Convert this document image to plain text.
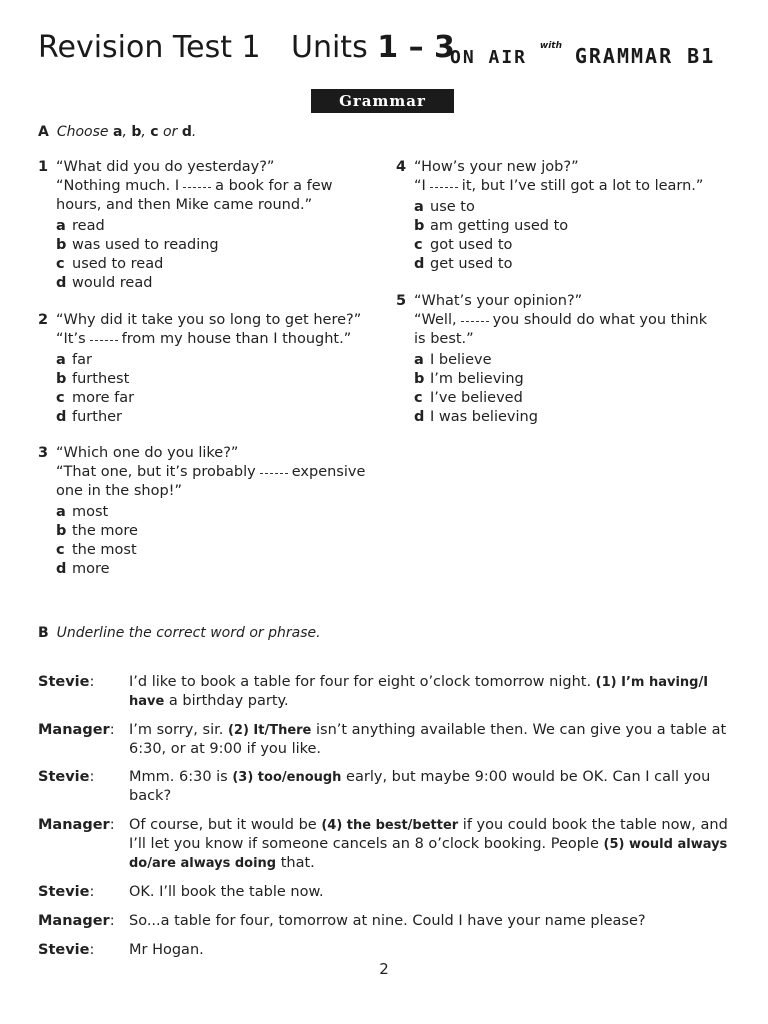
Revision Test 1 Units 1 – 3
ON AIR $^{with}$ GRAMMAR B1
Grammar
A Choose a, b, c or d.
1 “What did you do yesterday?”
“Nothing much. I a book for a few
hours, and then Mike came round.”
a read
b was used to reading
c used to read
d would read
2 “Why did it take you so long to get here?”
“It’s from my house than I thought.”
a far
b furthest
c more far
d further
3 “Which one do you like?”
“That one, but it’s probably expensive
one in the shop!”
a most
b the more
c the most
d more
4 “How’s your new job?”
“I it, but I’ve still got a lot to learn.”
a use to
b am getting used to
c got used to
d get used to
5 “What’s your opinion?”
“Well, you should do what you think
is best.”
a I believe
b I’m believing
c I’ve believed
d I was believing
B Underline the correct word or phrase.
Stevie: I’d like to book a table for four for eight o’clock tomorrow night. (1) I’m having/I have a birthday party.
Manager: I’m sorry, sir. (2) It/There isn’t anything available then. We can give you a table at 6:30, or at 9:00 if you like.
Stevie: Mmm. 6:30 is (3) too/enough early, but maybe 9:00 would be OK. Can I call you back?
Manager: Of course, but it would be (4) the best/better if you could book the table now, and I’ll let you know if someone cancels an 8 o’clock booking. People (5) would always do/are always doing that.
Stevie: OK. I’ll book the table now.
Manager: So...a table for four, tomorrow at nine. Could I have your name please?
Stevie: Mr Hogan.
2
